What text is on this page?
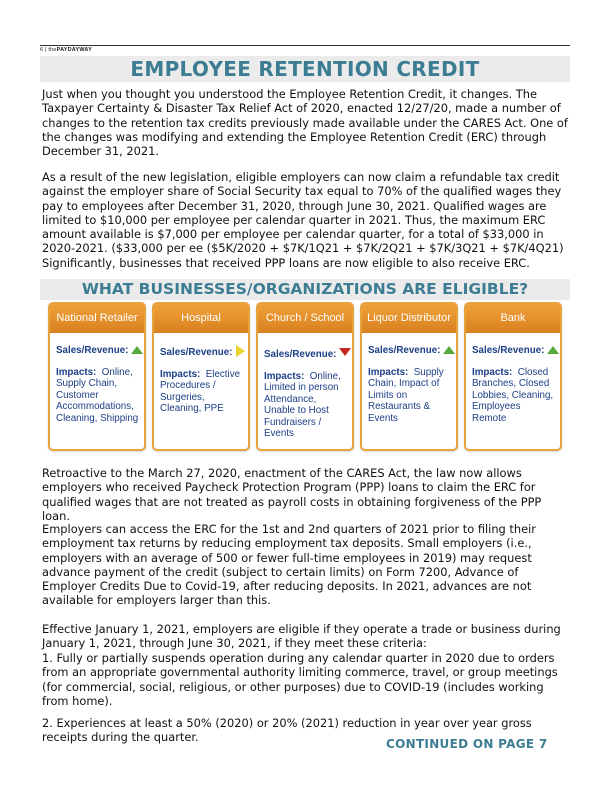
6 | thePAYDAYWAY
EMPLOYEE RETENTION CREDIT

Just when you thought you understood the Employee Retention Credit, it changes. The Taxpayer Certainty & Disaster Tax Relief Act of 2020, enacted 12/27/20, made a number of changes to the retention tax credits previously made available under the CARES Act. One of the changes was modifying and extending the Employee Retention Credit (ERC) through December 31, 2021.

As a result of the new legislation, eligible employers can now claim a refundable tax credit against the employer share of Social Security tax equal to 70% of the qualified wages they pay to employees after December 31, 2020, through June 30, 2021. Qualified wages are limited to $10,000 per employee per calendar quarter in 2021. Thus, the maximum ERC amount available is $7,000 per employee per calendar quarter, for a total of $33,000 in 2020-2021. ($33,000 per ee ($5K/2020 + $7K/1Q21 + $7K/2Q21 + $7K/3Q21 + $7K/4Q21) Significantly, businesses that received PPP loans are now eligible to also receive ERC.

WHAT BUSINESSES/ORGANIZATIONS ARE ELIGIBLE?
National Retailer
Sales/Revenue:
Impacts: Online, Supply Chain, Customer Accommodations, Cleaning, Shipping
Hospital
Sales/Revenue:
Impacts: Elective Procedures / Surgeries, Cleaning, PPE
Church / School
Sales/Revenue:
Impacts: Online, Limited in person Attendance, Unable to Host Fundraisers / Events
Liquor Distributor
Sales/Revenue:
Impacts: Supply Chain, Impact of Limits on Restaurants & Events
Bank
Sales/Revenue:
Impacts: Closed Branches, Closed Lobbies, Cleaning, Employees Remote

Retroactive to the March 27, 2020, enactment of the CARES Act, the law now allows employers who received Paycheck Protection Program (PPP) loans to claim the ERC for qualified wages that are not treated as payroll costs in obtaining forgiveness of the PPP loan.

Employers can access the ERC for the 1st and 2nd quarters of 2021 prior to filing their employment tax returns by reducing employment tax deposits. Small employers (i.e., employers with an average of 500 or fewer full-time employees in 2019) may request advance payment of the credit (subject to certain limits) on Form 7200, Advance of Employer Credits Due to Covid-19, after reducing deposits. In 2021, advances are not available for employers larger than this.

Effective January 1, 2021, employers are eligible if they operate a trade or business during January 1, 2021, through June 30, 2021, if they meet these criteria:

1. Fully or partially suspends operation during any calendar quarter in 2020 due to orders from an appropriate governmental authority limiting commerce, travel, or group meetings (for commercial, social, religious, or other purposes) due to COVID-19 (includes working from home).

2. Experiences at least a 50% (2020) or 20% (2021) reduction in year over year gross receipts during the quarter.	CONTINUED ON PAGE 7
